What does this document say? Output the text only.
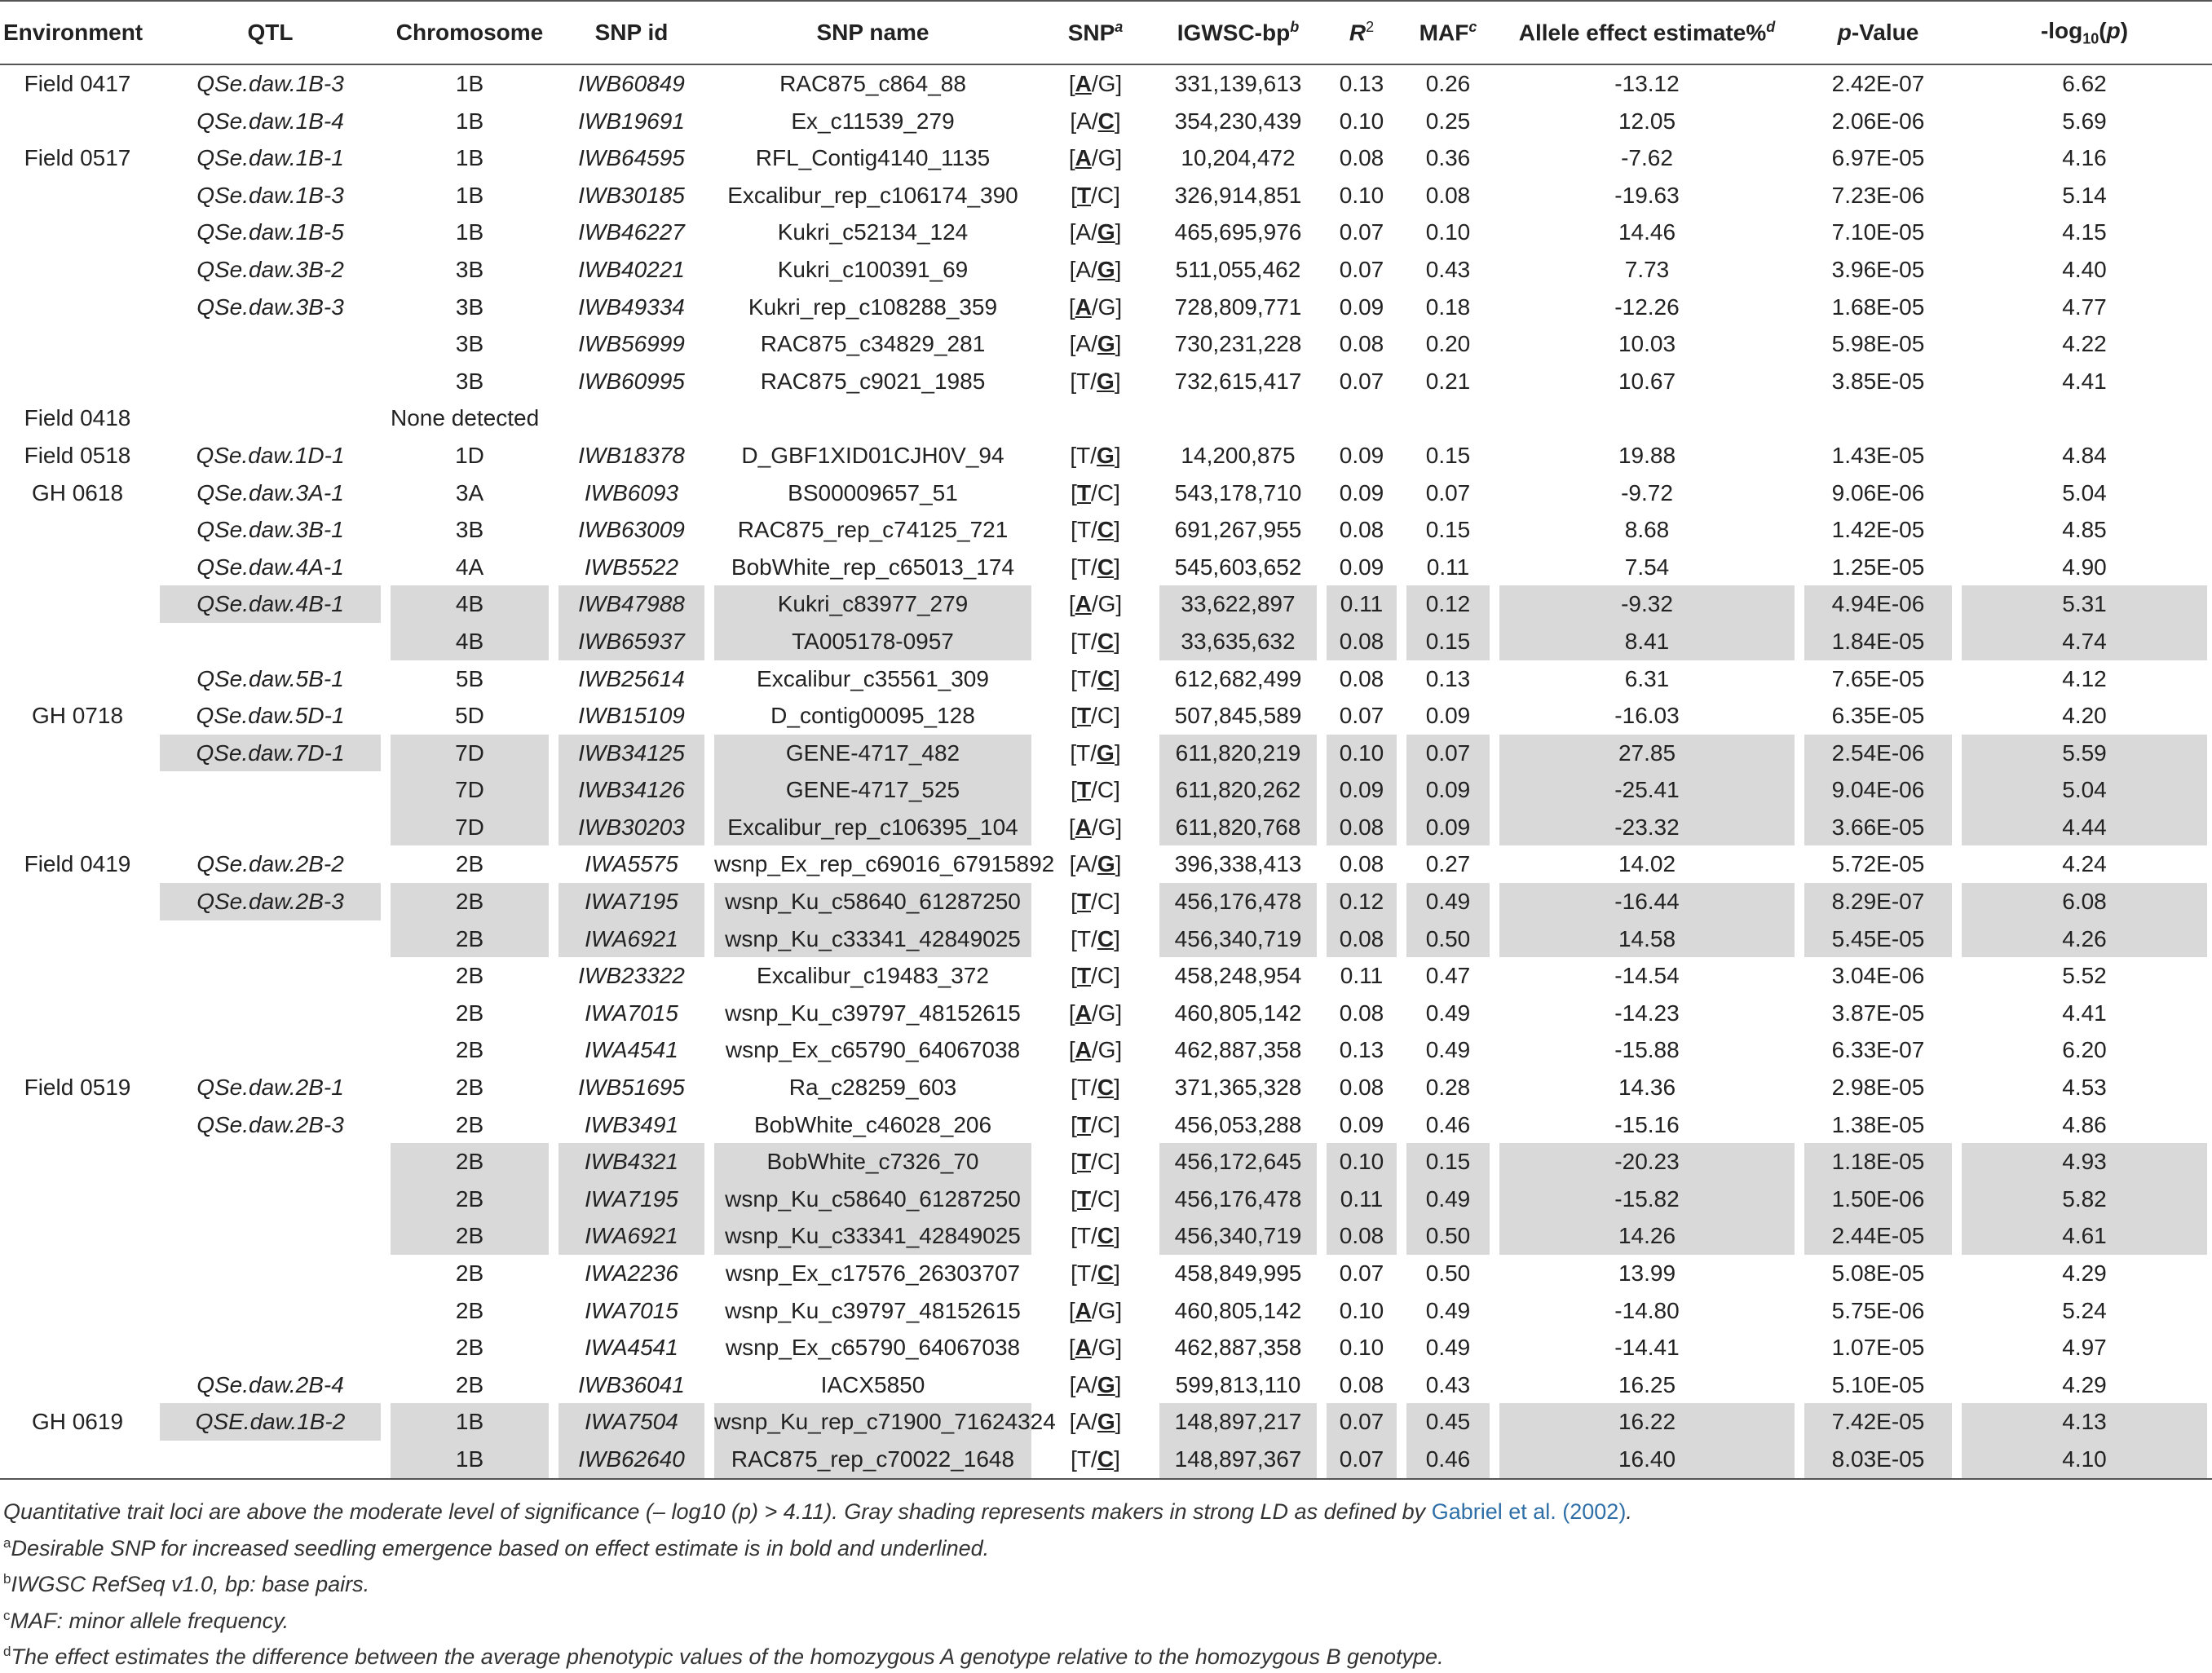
Environment	QTL	Chromosome	SNP id	SNP name	SNP$^a$	IGWSC-$bp^b$	$R^2$	MAF$^c$	Allele effect estimate%$^d$	p-Value	$-\log_{10}(p)$

Field 0417	QSe.daw.1B-3	1B	IWB60849	RAC875_c864_88	[A/G]	331,139,613	0.13	0.26	-13.12	2.42E-07	6.62

	QSe.daw.1B-4	1B	IWB19691	Ex_c11539_279	[A/C]	354,230,439	0.10	0.25	12.05	2.06E-06	5.69

Field 0517	QSe.daw.1B-1	1B	IWB64595	RFL_Contig4140_1135	[A/G]	10,204,472	0.08	0.36	-7.62	6.97E-05	4.16

	QSe.daw.1B-3	1B	IWB30185	Excalibur_rep_c106174_390	[T/C]	326,914,851	0.10	0.08	-19.63	7.23E-06	5.14

	QSe.daw.1B-5	1B	IWB46227	Kukri_c52134_124	[A/G]	465,695,976	0.07	0.10	14.46	7.10E-05	4.15

	QSe.daw.3B-2	3B	IWB40221	Kukri_c100391_69	[A/G]	511,055,462	0.07	0.43	7.73	3.96E-05	4.40

	QSe.daw.3B-3	3B	IWB49334	Kukri_rep_c108288_359	[A/G]	728,809,771	0.09	0.18	-12.26	1.68E-05	4.77

		3B	IWB56999	RAC875_c34829_281	[A/G]	730,231,228	0.08	0.20	10.03	5.98E-05	4.22

		3B	IWB60995	RAC875_c9021_1985	[T/G]	732,615,417	0.07	0.21	10.67	3.85E-05	4.41

Field 0418		None detected									

Field 0518	QSe.daw.1D-1	1D	IWB18378	D_GBF1XID01CJH0V_94	[T/G]	14,200,875	0.09	0.15	19.88	1.43E-05	4.84

GH 0618	QSe.daw.3A-1	3A	IWB6093	BS00009657_51	[T/C]	543,178,710	0.09	0.07	-9.72	9.06E-06	5.04

	QSe.daw.3B-1	3B	IWB63009	RAC875_rep_c74125_721	[T/C]	691,267,955	0.08	0.15	8.68	1.42E-05	4.85

	QSe.daw.4A-1	4A	IWB5522	BobWhite_rep_c65013_174	[T/C]	545,603,652	0.09	0.11	7.54	1.25E-05	4.90

	QSe.daw.4B-1	4B	IWB47988	Kukri_c83977_279	[A/G]	33,622,897	0.11	0.12	-9.32	4.94E-06	5.31

		4B	IWB65937	TA005178-0957	[T/C]	33,635,632	0.08	0.15	8.41	1.84E-05	4.74

	QSe.daw.5B-1	5B	IWB25614	Excalibur_c35561_309	[T/C]	612,682,499	0.08	0.13	6.31	7.65E-05	4.12

GH 0718	QSe.daw.5D-1	5D	IWB15109	D_contig00095_128	[T/C]	507,845,589	0.07	0.09	-16.03	6.35E-05	4.20

	QSe.daw.7D-1	7D	IWB34125	GENE-4717_482	[T/G]	611,820,219	0.10	0.07	27.85	2.54E-06	5.59

		7D	IWB34126	GENE-4717_525	[T/C]	611,820,262	0.09	0.09	-25.41	9.04E-06	5.04

		7D	IWB30203	Excalibur_rep_c106395_104	[A/G]	611,820,768	0.08	0.09	-23.32	3.66E-05	4.44

Field 0419	QSe.daw.2B-2	2B	IWA5575	wsnp_Ex_rep_c69016_67915892	[A/G]	396,338,413	0.08	0.27	14.02	5.72E-05	4.24

	QSe.daw.2B-3	2B	IWA7195	wsnp_Ku_c58640_61287250	[T/C]	456,176,478	0.12	0.49	-16.44	8.29E-07	6.08

		2B	IWA6921	wsnp_Ku_c33341_42849025	[T/C]	456,340,719	0.08	0.50	14.58	5.45E-05	4.26

		2B	IWB23322	Excalibur_c19483_372	[T/C]	458,248,954	0.11	0.47	-14.54	3.04E-06	5.52

		2B	IWA7015	wsnp_Ku_c39797_48152615	[A/G]	460,805,142	0.08	0.49	-14.23	3.87E-05	4.41

		2B	IWA4541	wsnp_Ex_c65790_64067038	[A/G]	462,887,358	0.13	0.49	-15.88	6.33E-07	6.20

Field 0519	QSe.daw.2B-1	2B	IWB51695	Ra_c28259_603	[T/C]	371,365,328	0.08	0.28	14.36	2.98E-05	4.53

	QSe.daw.2B-3	2B	IWB3491	BobWhite_c46028_206	[T/C]	456,053,288	0.09	0.46	-15.16	1.38E-05	4.86

		2B	IWB4321	BobWhite_c7326_70	[T/C]	456,172,645	0.10	0.15	-20.23	1.18E-05	4.93

		2B	IWA7195	wsnp_Ku_c58640_61287250	[T/C]	456,176,478	0.11	0.49	-15.82	1.50E-06	5.82

		2B	IWA6921	wsnp_Ku_c33341_42849025	[T/C]	456,340,719	0.08	0.50	14.26	2.44E-05	4.61

		2B	IWA2236	wsnp_Ex_c17576_26303707	[T/C]	458,849,995	0.07	0.50	13.99	5.08E-05	4.29

		2B	IWA7015	wsnp_Ku_c39797_48152615	[A/G]	460,805,142	0.10	0.49	-14.80	5.75E-06	5.24

		2B	IWA4541	wsnp_Ex_c65790_64067038	[A/G]	462,887,358	0.10	0.49	-14.41	1.07E-05	4.97

	QSe.daw.2B-4	2B	IWB36041	IACX5850	[A/G]	599,813,110	0.08	0.43	16.25	5.10E-05	4.29

GH 0619	QSE.daw.1B-2	1B	IWA7504	wsnp_Ku_rep_c71900_71624324	[A/G]	148,897,217	0.07	0.45	16.22	7.42E-05	4.13

		1B	IWB62640	RAC875_rep_c70022_1648	[T/C]	148,897,367	0.07	0.46	16.40	8.03E-05	4.10
Quantitative trait loci are above the moderate level of significance (– log10 (p) > 4.11). Gray shading represents makers in strong LD as defined by Gabriel et al. (2002).
$^a$Desirable SNP for increased seedling emergence based on effect estimate is in bold and underlined.
$^b$IWGSC RefSeq v1.0, bp: base pairs.
$^c$MAF: minor allele frequency.
$^d$The effect estimates the difference between the average phenotypic values of the homozygous A genotype relative to the homozygous B genotype.
